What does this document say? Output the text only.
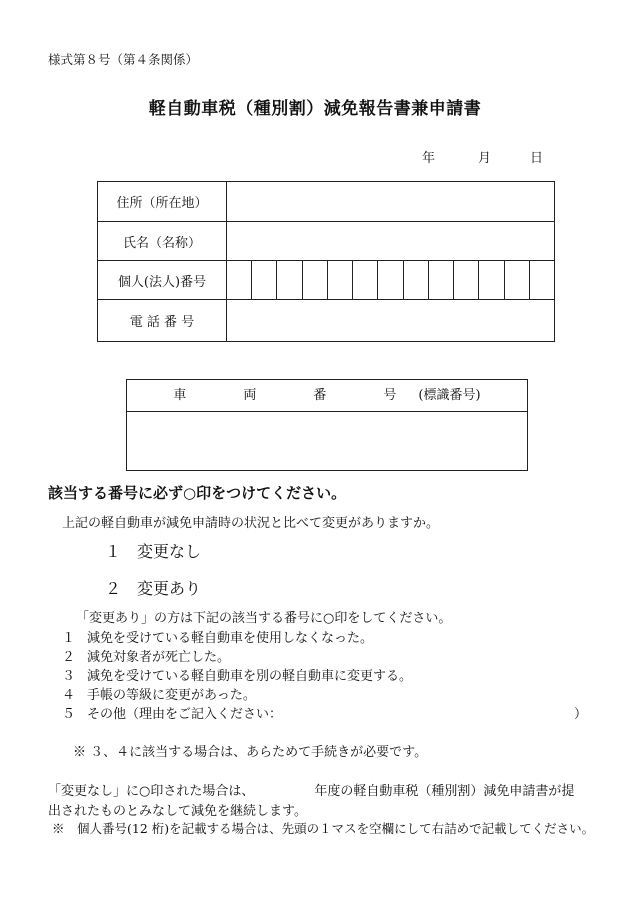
様式第８号（第４条関係）
軽自動車税（種別割）減免報告書兼申請書
年	月	日
住所（所在地）	
氏名（名称）	
個人(法人)番号	

電 話 番 号	
車　両　番　号(標識番号)
該当する番号に必ず○印をつけてください。
上記の軽自動車が減免申請時の状況と比べて変更がありますか。
１ 変更なし
２ 変更あり
「変更あり」の方は下記の該当する番号に○印をしてください。
１ 減免を受けている軽自動車を使用しなくなった。
２ 減免対象者が死亡した。
３ 減免を受けている軽自動車を別の軽自動車に変更する。
４ 手帳の等級に変更があった。
５ その他（理由をご記入ください：	）
※ ３、４に該当する場合は、あらためて手続きが必要です。
「変更なし」に○印された場合は、	年度の軽自動車税（種別割）減免申請書が提
出されたものとみなして減免を継続します。
※　個人番号(12 桁)を記載する場合は、先頭の１マスを空欄にして右詰めで記載してください。
